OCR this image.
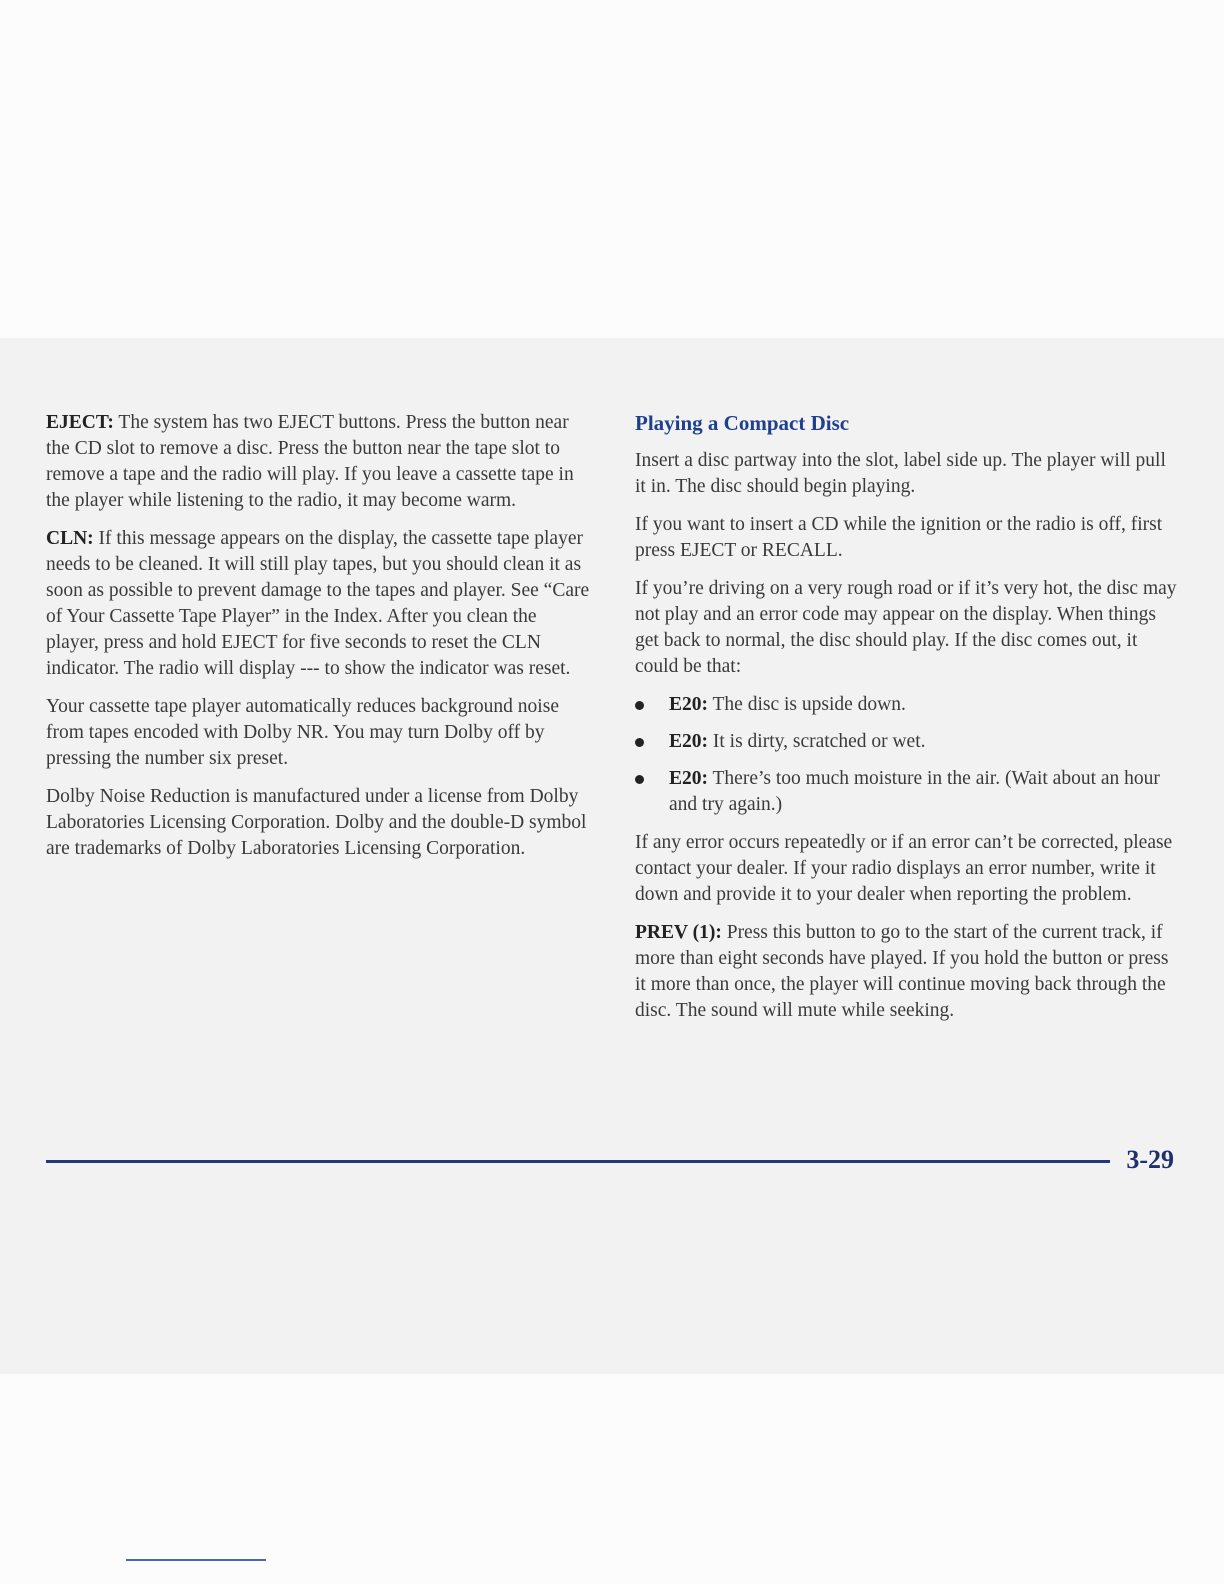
EJECT: The system has two EJECT buttons. Press the button near the CD slot to remove a disc. Press the button near the tape slot to remove a tape and the radio will play. If you leave a cassette tape in the player while listening to the radio, it may become warm.

CLN: If this message appears on the display, the cassette tape player needs to be cleaned. It will still play tapes, but you should clean it as soon as possible to prevent damage to the tapes and player. See “Care of Your Cassette Tape Player” in the Index. After you clean the player, press and hold EJECT for five seconds to reset the CLN indicator. The radio will display --- to show the indicator was reset.

Your cassette tape player automatically reduces background noise from tapes encoded with Dolby NR. You may turn Dolby off by pressing the number six preset.

Dolby Noise Reduction is manufactured under a license from Dolby Laboratories Licensing Corporation. Dolby and the double-D symbol are trademarks of Dolby Laboratories Licensing Corporation.

Playing a Compact Disc

Insert a disc partway into the slot, label side up. The player will pull it in. The disc should begin playing.

If you want to insert a CD while the ignition or the radio is off, first press EJECT or RECALL.

If you’re driving on a very rough road or if it’s very hot, the disc may not play and an error code may appear on the display. When things get back to normal, the disc should play. If the disc comes out, it could be that:

E20: The disc is upside down.
E20: It is dirty, scratched or wet.
E20: There’s too much moisture in the air. (Wait about an hour and try again.)

If any error occurs repeatedly or if an error can’t be corrected, please contact your dealer. If your radio displays an error number, write it down and provide it to your dealer when reporting the problem.

PREV (1): Press this button to go to the start of the current track, if more than eight seconds have played. If you hold the button or press it more than once, the player will continue moving back through the disc. The sound will mute while seeking.

3-29
